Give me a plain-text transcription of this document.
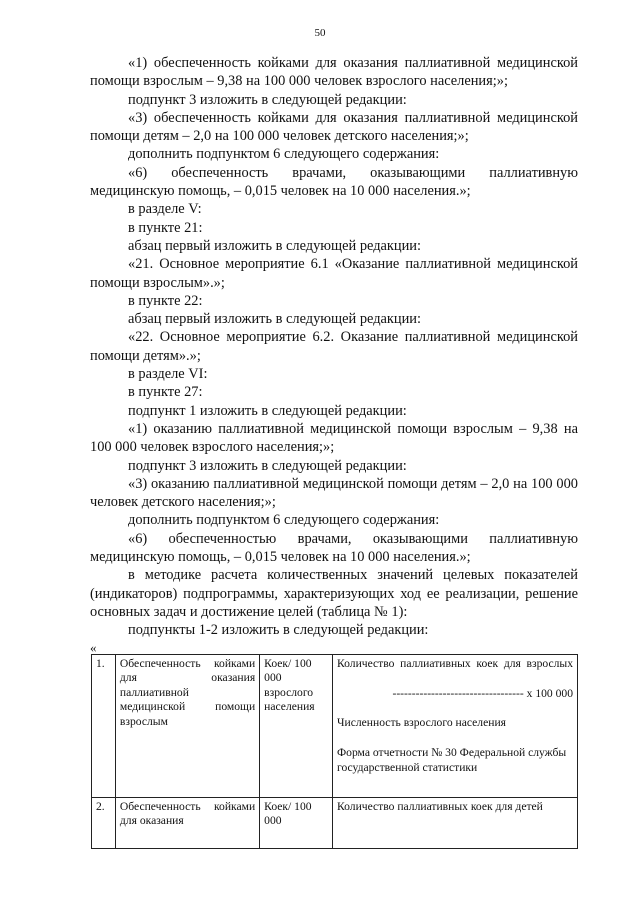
50

«1) обеспеченность койками для оказания паллиативной медицинской помощи взрослым – 9,38 на 100 000 человек взрослого населения;»;

подпункт 3 изложить в следующей редакции:

«3) обеспеченность койками для оказания паллиативной медицинской помощи детям – 2,0 на 100 000 человек детского населения;»;

дополнить подпунктом 6 следующего содержания:

«6) обеспеченность врачами, оказывающими паллиативную медицинскую помощь, – 0,015 человек на 10 000 населения.»;

в разделе V:

в пункте 21:

абзац первый изложить в следующей редакции:

«21. Основное мероприятие 6.1 «Оказание паллиативной медицинской помощи взрослым».»;

в пункте 22:

абзац первый изложить в следующей редакции:

«22. Основное мероприятие 6.2. Оказание паллиативной медицинской помощи детям».»;

в разделе VI:

в пункте 27:

подпункт 1 изложить в следующей редакции:

«1) оказанию паллиативной медицинской помощи взрослым – 9,38 на 100 000 человек взрослого населения;»;

подпункт 3 изложить в следующей редакции:

«3) оказанию паллиативной медицинской помощи детям – 2,0 на 100 000 человек детского населения;»;

дополнить подпунктом 6 следующего содержания:

«6) обеспеченностью врачами, оказывающими паллиативную медицинскую помощь, – 0,015 человек на 10 000 населения.»;

в методике расчета количественных значений целевых показателей (индикаторов) подпрограммы, характеризующих ход ее реализации, решение основных задач и достижение целей (таблица № 1):

подпункты 1-2 изложить в следующей редакции:

«

1.	Обеспеченность койками для оказания паллиативной медицинской помощи взрослым	Коек/ 100 000 взрослого населения	Количество паллиативных коек для взрослых

---------------------------------- х 100 000

Численность взрослого населения

Форма отчетности № 30 Федеральной службы государственной статистики

2.	Обеспеченность койками для оказания	Коек/ 100 000	Количество паллиативных коек для детей
